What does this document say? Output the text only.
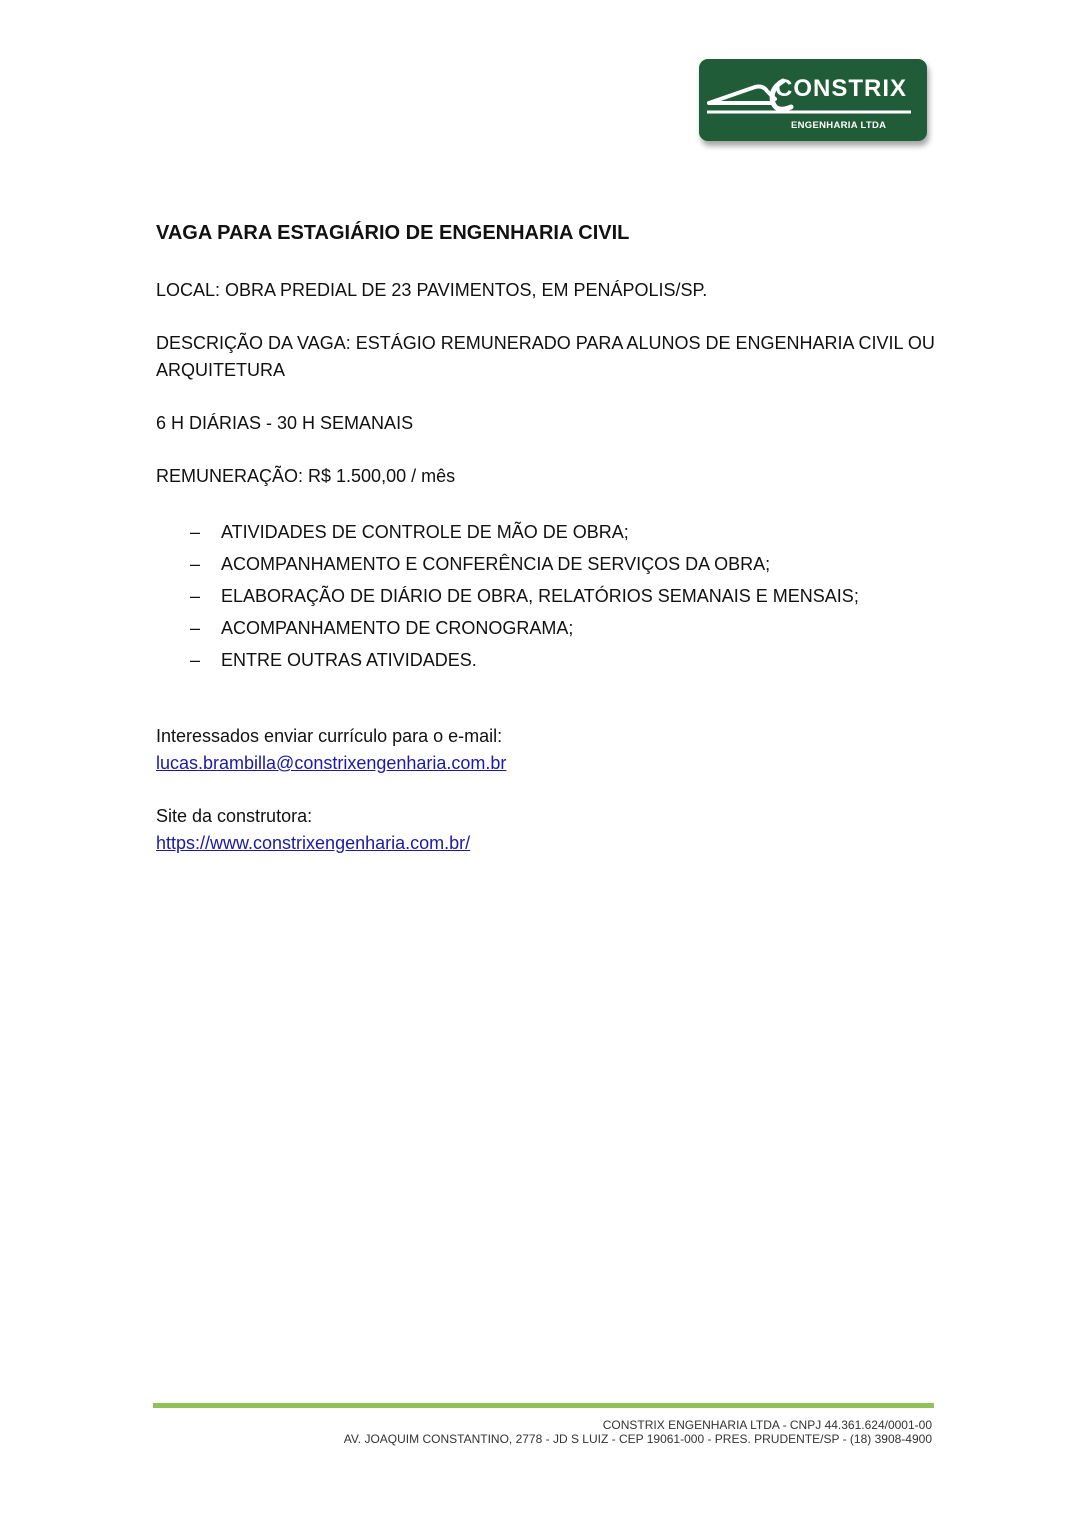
CONSTRIX
ENGENHARIA LTDA
VAGA PARA ESTAGIÁRIO DE ENGENHARIA CIVIL

LOCAL: OBRA PREDIAL DE 23 PAVIMENTOS, EM PENÁPOLIS/SP.

DESCRIÇÃO DA VAGA: ESTÁGIO REMUNERADO PARA ALUNOS DE ENGENHARIA CIVIL OU ARQUITETURA

6 H DIÁRIAS - 30 H SEMANAIS

REMUNERAÇÃO: R$ 1.500,00 / mês

– ATIVIDADES DE CONTROLE DE MÃO DE OBRA;
– ACOMPANHAMENTO E CONFERÊNCIA DE SERVIÇOS DA OBRA;
– ELABORAÇÃO DE DIÁRIO DE OBRA, RELATÓRIOS SEMANAIS E MENSAIS;
– ACOMPANHAMENTO DE CRONOGRAMA;
– ENTRE OUTRAS ATIVIDADES.

Interessados enviar currículo para o e-mail:
lucas.brambilla@constrixengenharia.com.br

Site da construtora:
https://www.constrixengenharia.com.br/

CONSTRIX ENGENHARIA LTDA - CNPJ 44.361.624/0001-00
AV. JOAQUIM CONSTANTINO, 2778 - JD S LUIZ - CEP 19061-000 - PRES. PRUDENTE/SP - (18) 3908-4900
